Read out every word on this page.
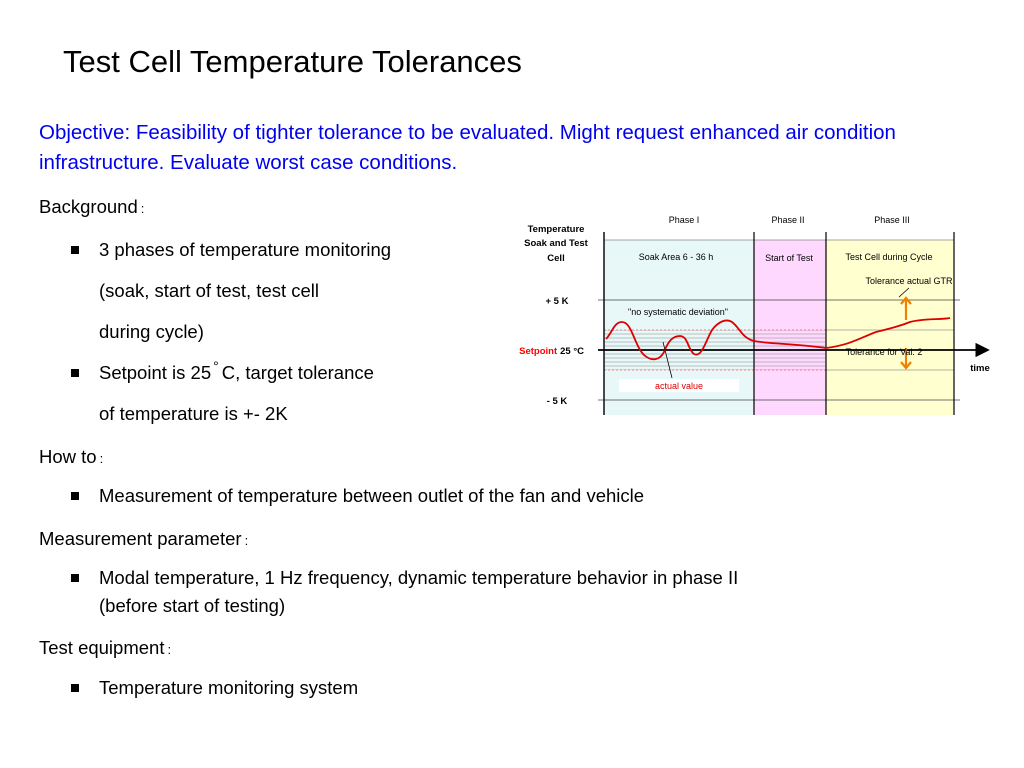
Test Cell Temperature Tolerances
Objective: Feasibility of tighter tolerance to be evaluated. Might request enhanced air condition infrastructure. Evaluate worst case conditions.
Background :
3 phases of temperature monitoring
(soak, start of test, test cell
during cycle)
Setpoint is 25 ° C, target tolerance
of temperature is +- 2K
How to :
Measurement of temperature between outlet of the fan and vehicle
Measurement parameter :
Modal temperature, 1 Hz frequency, dynamic temperature behavior in phase II
(before start of testing)
Test equipment :
Temperature monitoring system
Temperature
Soak and Test
Cell
Phase I	Phase II	Phase III
Soak Area 6 - 36 h	Start of Test	Test Cell during Cycle
Tolerance actual GTR
+ 5 K
- 5 K
"no systematic deviation"
Setpoint 25 °C	Tolerance for Val. 2
time
actual value
